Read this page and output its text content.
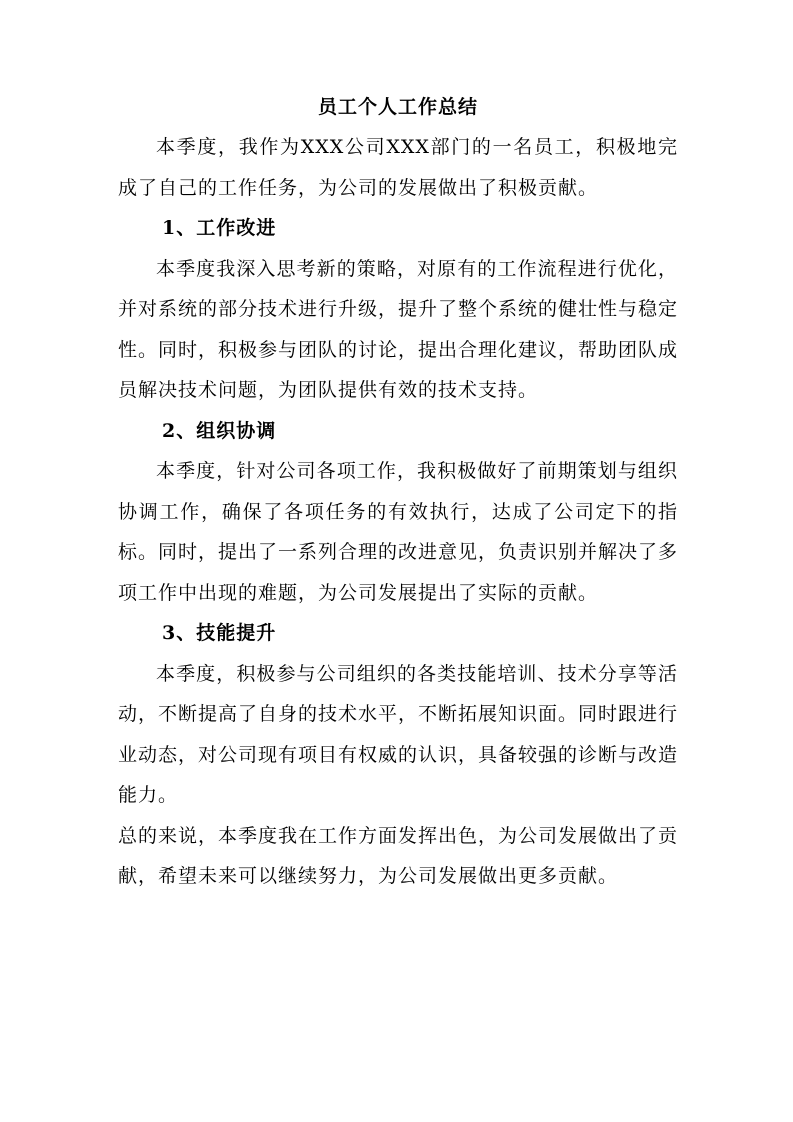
员工个人工作总结

本季度，我作为XXX公司XXX部门的一名员工，积极地完成了自己的工作任务，为公司的发展做出了积极贡献。

1、工作改进

本季度我深入思考新的策略，对原有的工作流程进行优化，并对系统的部分技术进行升级，提升了整个系统的健壮性与稳定性。同时，积极参与团队的讨论，提出合理化建议，帮助团队成员解决技术问题，为团队提供有效的技术支持。

2、组织协调

本季度，针对公司各项工作，我积极做好了前期策划与组织协调工作，确保了各项任务的有效执行，达成了公司定下的指标。同时，提出了一系列合理的改进意见，负责识别并解决了多项工作中出现的难题，为公司发展提出了实际的贡献。

3、技能提升

本季度，积极参与公司组织的各类技能培训、技术分享等活动，不断提高了自身的技术水平，不断拓展知识面。同时跟进行业动态，对公司现有项目有权威的认识，具备较强的诊断与改造能力。

总的来说，本季度我在工作方面发挥出色，为公司发展做出了贡献，希望未来可以继续努力，为公司发展做出更多贡献。
